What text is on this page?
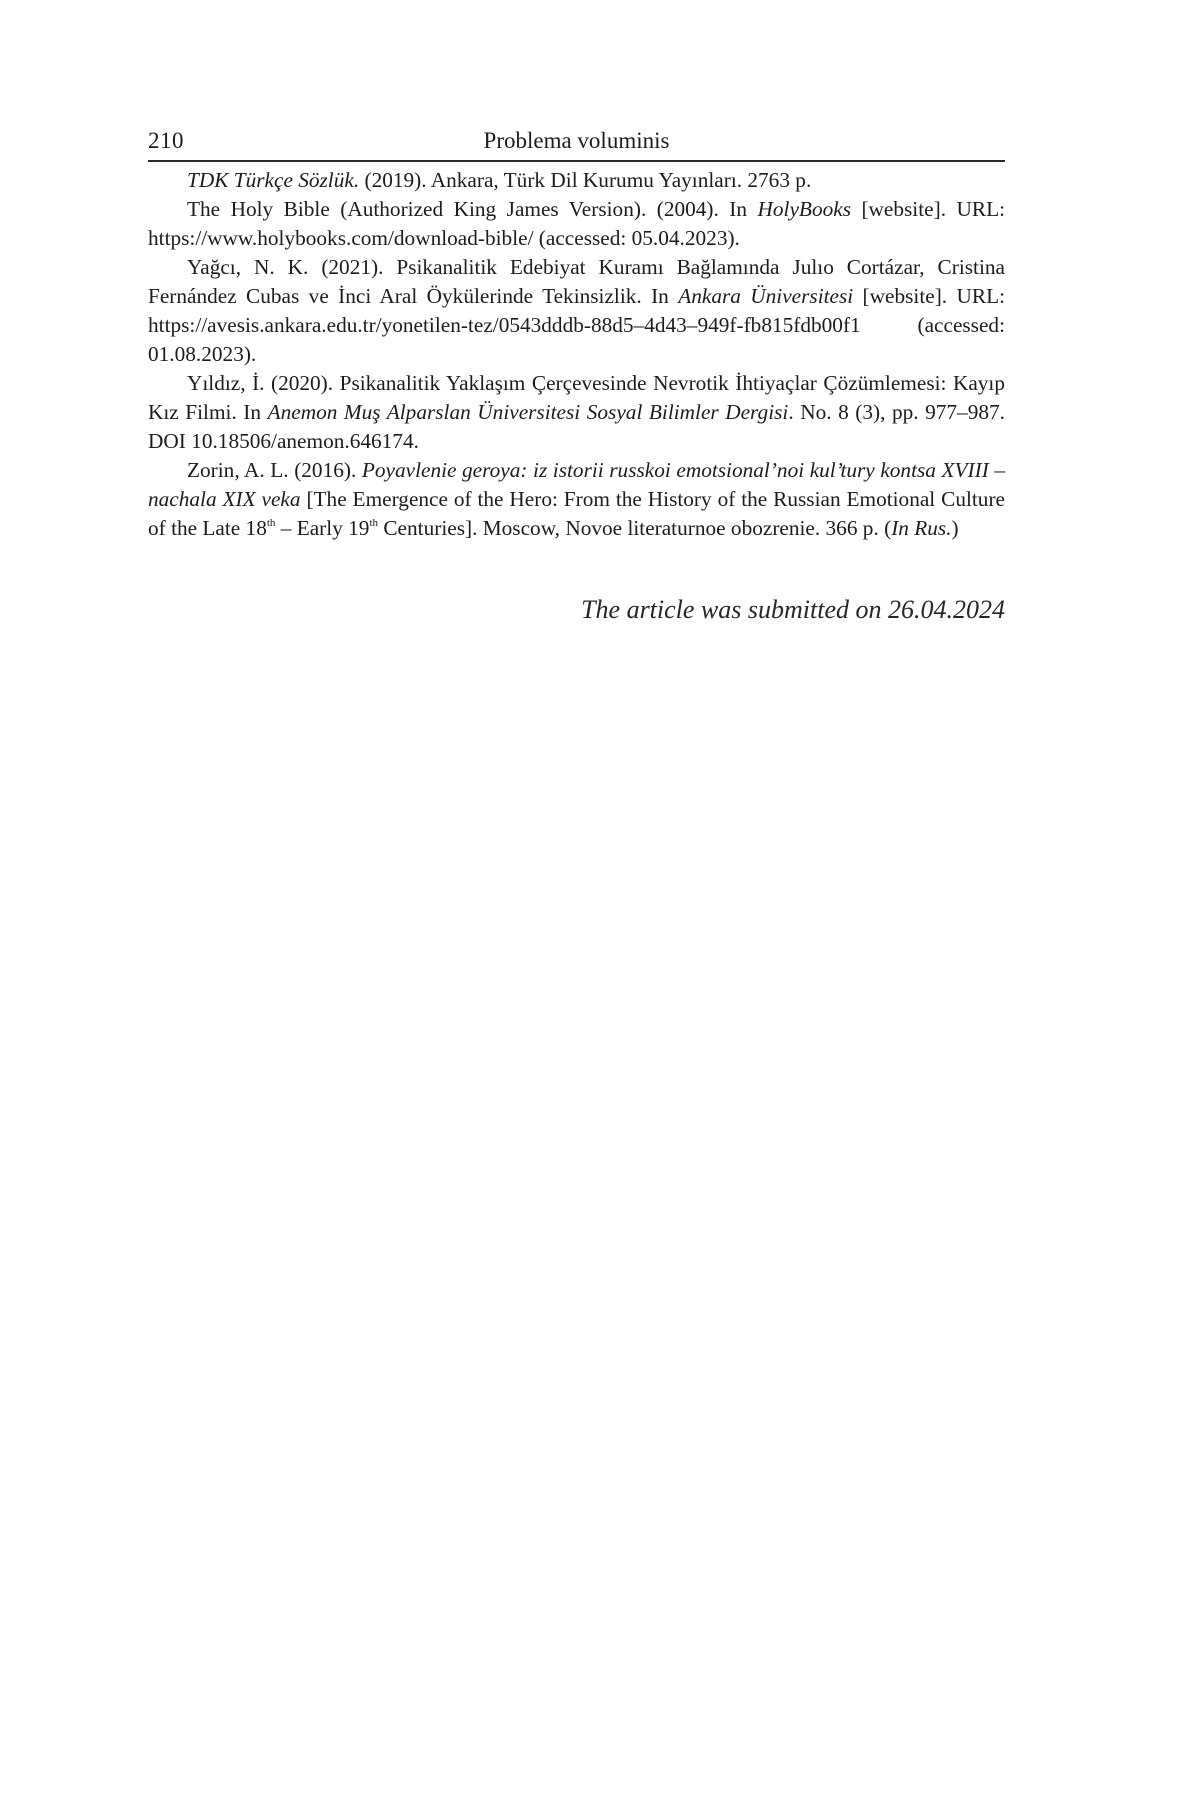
210	Problema voluminis

TDK Türkçe Sözlük. (2019). Ankara, Türk Dil Kurumu Yayınları. 2763 p.

The Holy Bible (Authorized King James Version). (2004). In HolyBooks [website]. URL: https://www.holybooks.com/download-bible/ (accessed: 05.04.2023).

Yağcı, N. K. (2021). Psikanalitik Edebiyat Kuramı Bağlamında Julıo Cortázar, Cristina Fernández Cubas ve İnci Aral Öykülerinde Tekinsizlik. In Ankara Üniversitesi [website]. URL: https://avesis.ankara.edu.tr/yonetilen-tez/0543dddb-88d5–4d43–949f-fb815fdb00f1 (accessed: 01.08.2023).

Yıldız, İ. (2020). Psikanalitik Yaklaşım Çerçevesinde Nevrotik İhtiyaçlar Çözümlemesi: Kayıp Kız Filmi. In Anemon Muş Alparslan Üniversitesi Sosyal Bilimler Dergisi. No. 8 (3), pp. 977–987. DOI 10.18506/anemon.646174.

Zorin, A. L. (2016). Poyavlenie geroya: iz istorii russkoi emotsional’noi kul’tury kontsa XVIII – nachala XIX veka [The Emergence of the Hero: From the History of the Russian Emotional Culture of the Late 18th – Early 19th Centuries]. Moscow, Novoe literaturnoe obozrenie. 366 p. (In Rus.)

The article was submitted on 26.04.2024
